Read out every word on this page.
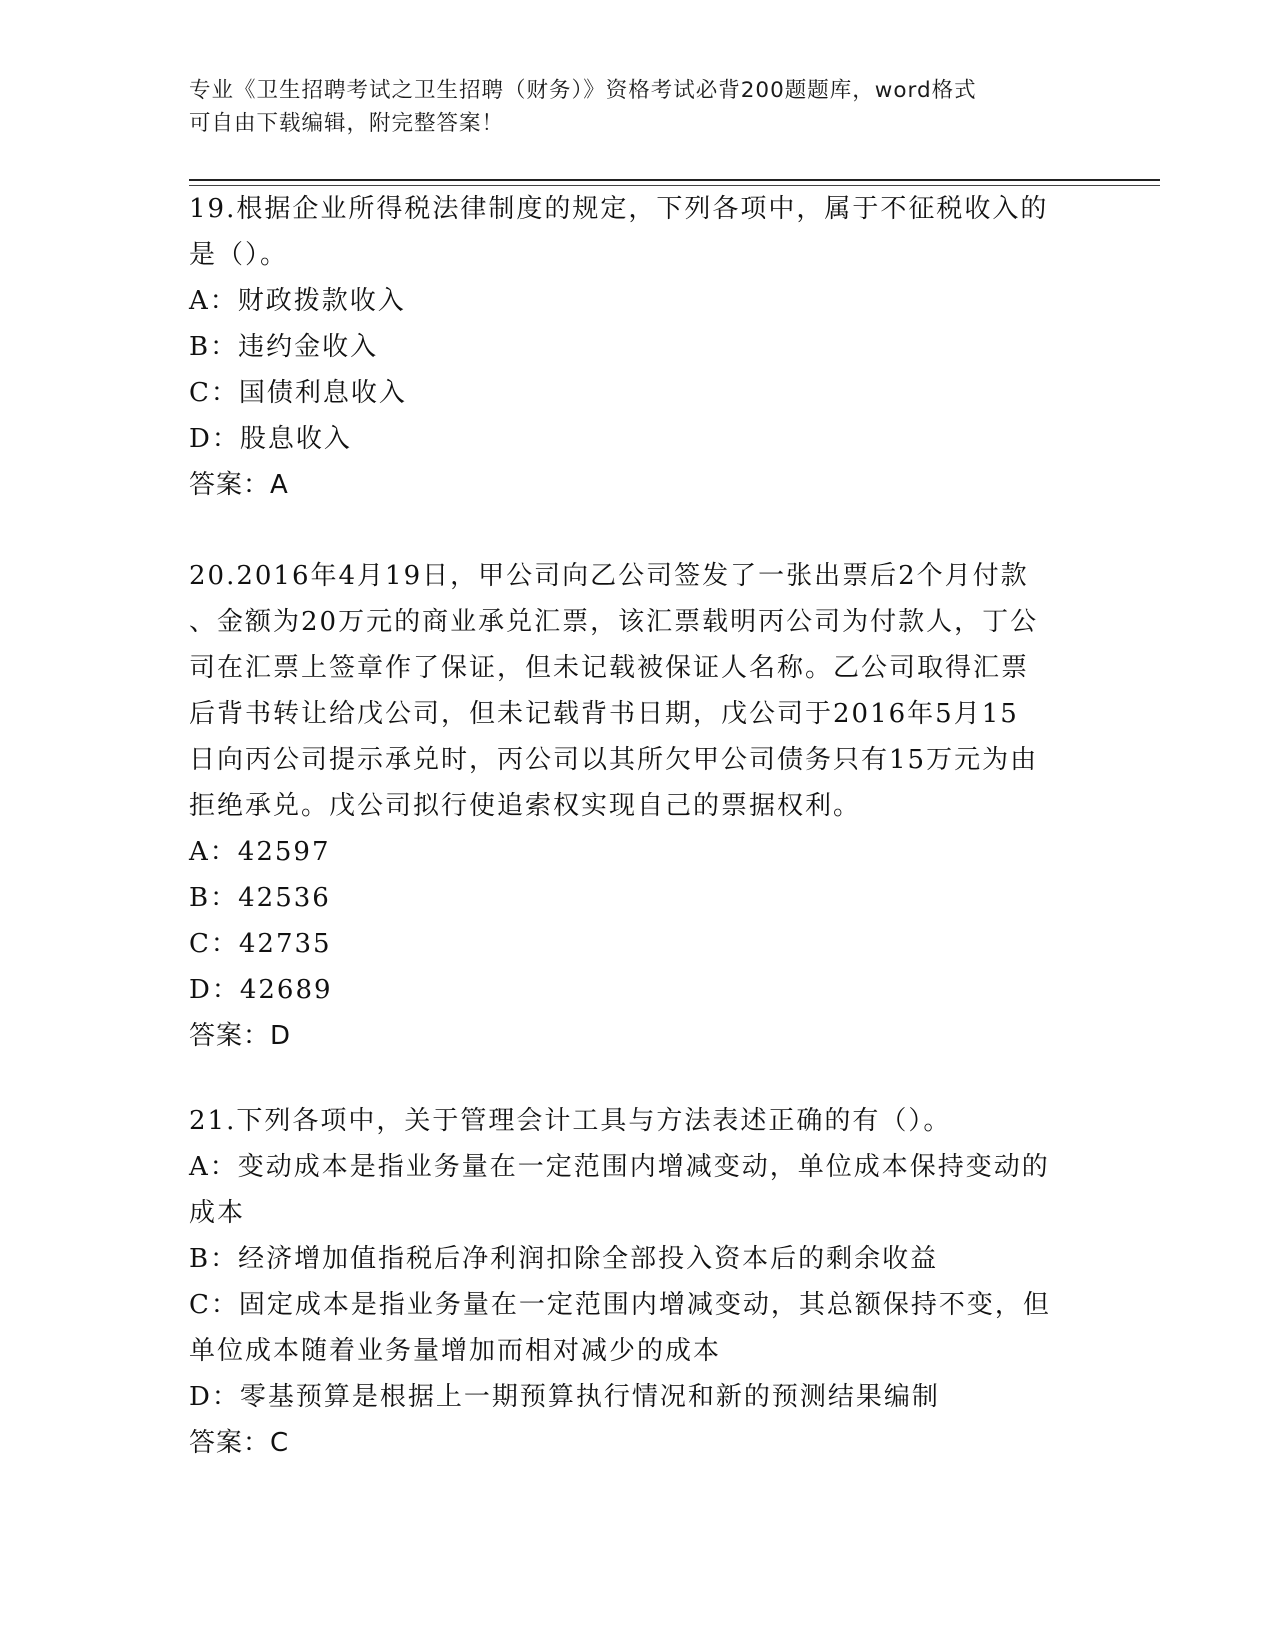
专业《卫生招聘考试之卫生招聘（财务）》资格考试必背200题题库，word格式
可自由下载编辑，附完整答案！
19.根据企业所得税法律制度的规定，下列各项中，属于不征税收入的
是（）。
A：财政拨款收入
B：违约金收入
C：国债利息收入
D：股息收入
答案：A
20.2016年4月19日，甲公司向乙公司签发了一张出票后2个月付款
、金额为20万元的商业承兑汇票，该汇票载明丙公司为付款人，丁公
司在汇票上签章作了保证，但未记载被保证人名称。乙公司取得汇票
后背书转让给戊公司，但未记载背书日期，戊公司于2016年5月15
日向丙公司提示承兑时，丙公司以其所欠甲公司债务只有15万元为由
拒绝承兑。戊公司拟行使追索权实现自己的票据权利。
A：42597
B：42536
C：42735
D：42689
答案：D
21.下列各项中，关于管理会计工具与方法表述正确的有（）。
A：变动成本是指业务量在一定范围内增减变动，单位成本保持变动的
成本
B：经济增加值指税后净利润扣除全部投入资本后的剩余收益
C：固定成本是指业务量在一定范围内增减变动，其总额保持不变，但
单位成本随着业务量增加而相对减少的成本
D：零基预算是根据上一期预算执行情况和新的预测结果编制
答案：C
